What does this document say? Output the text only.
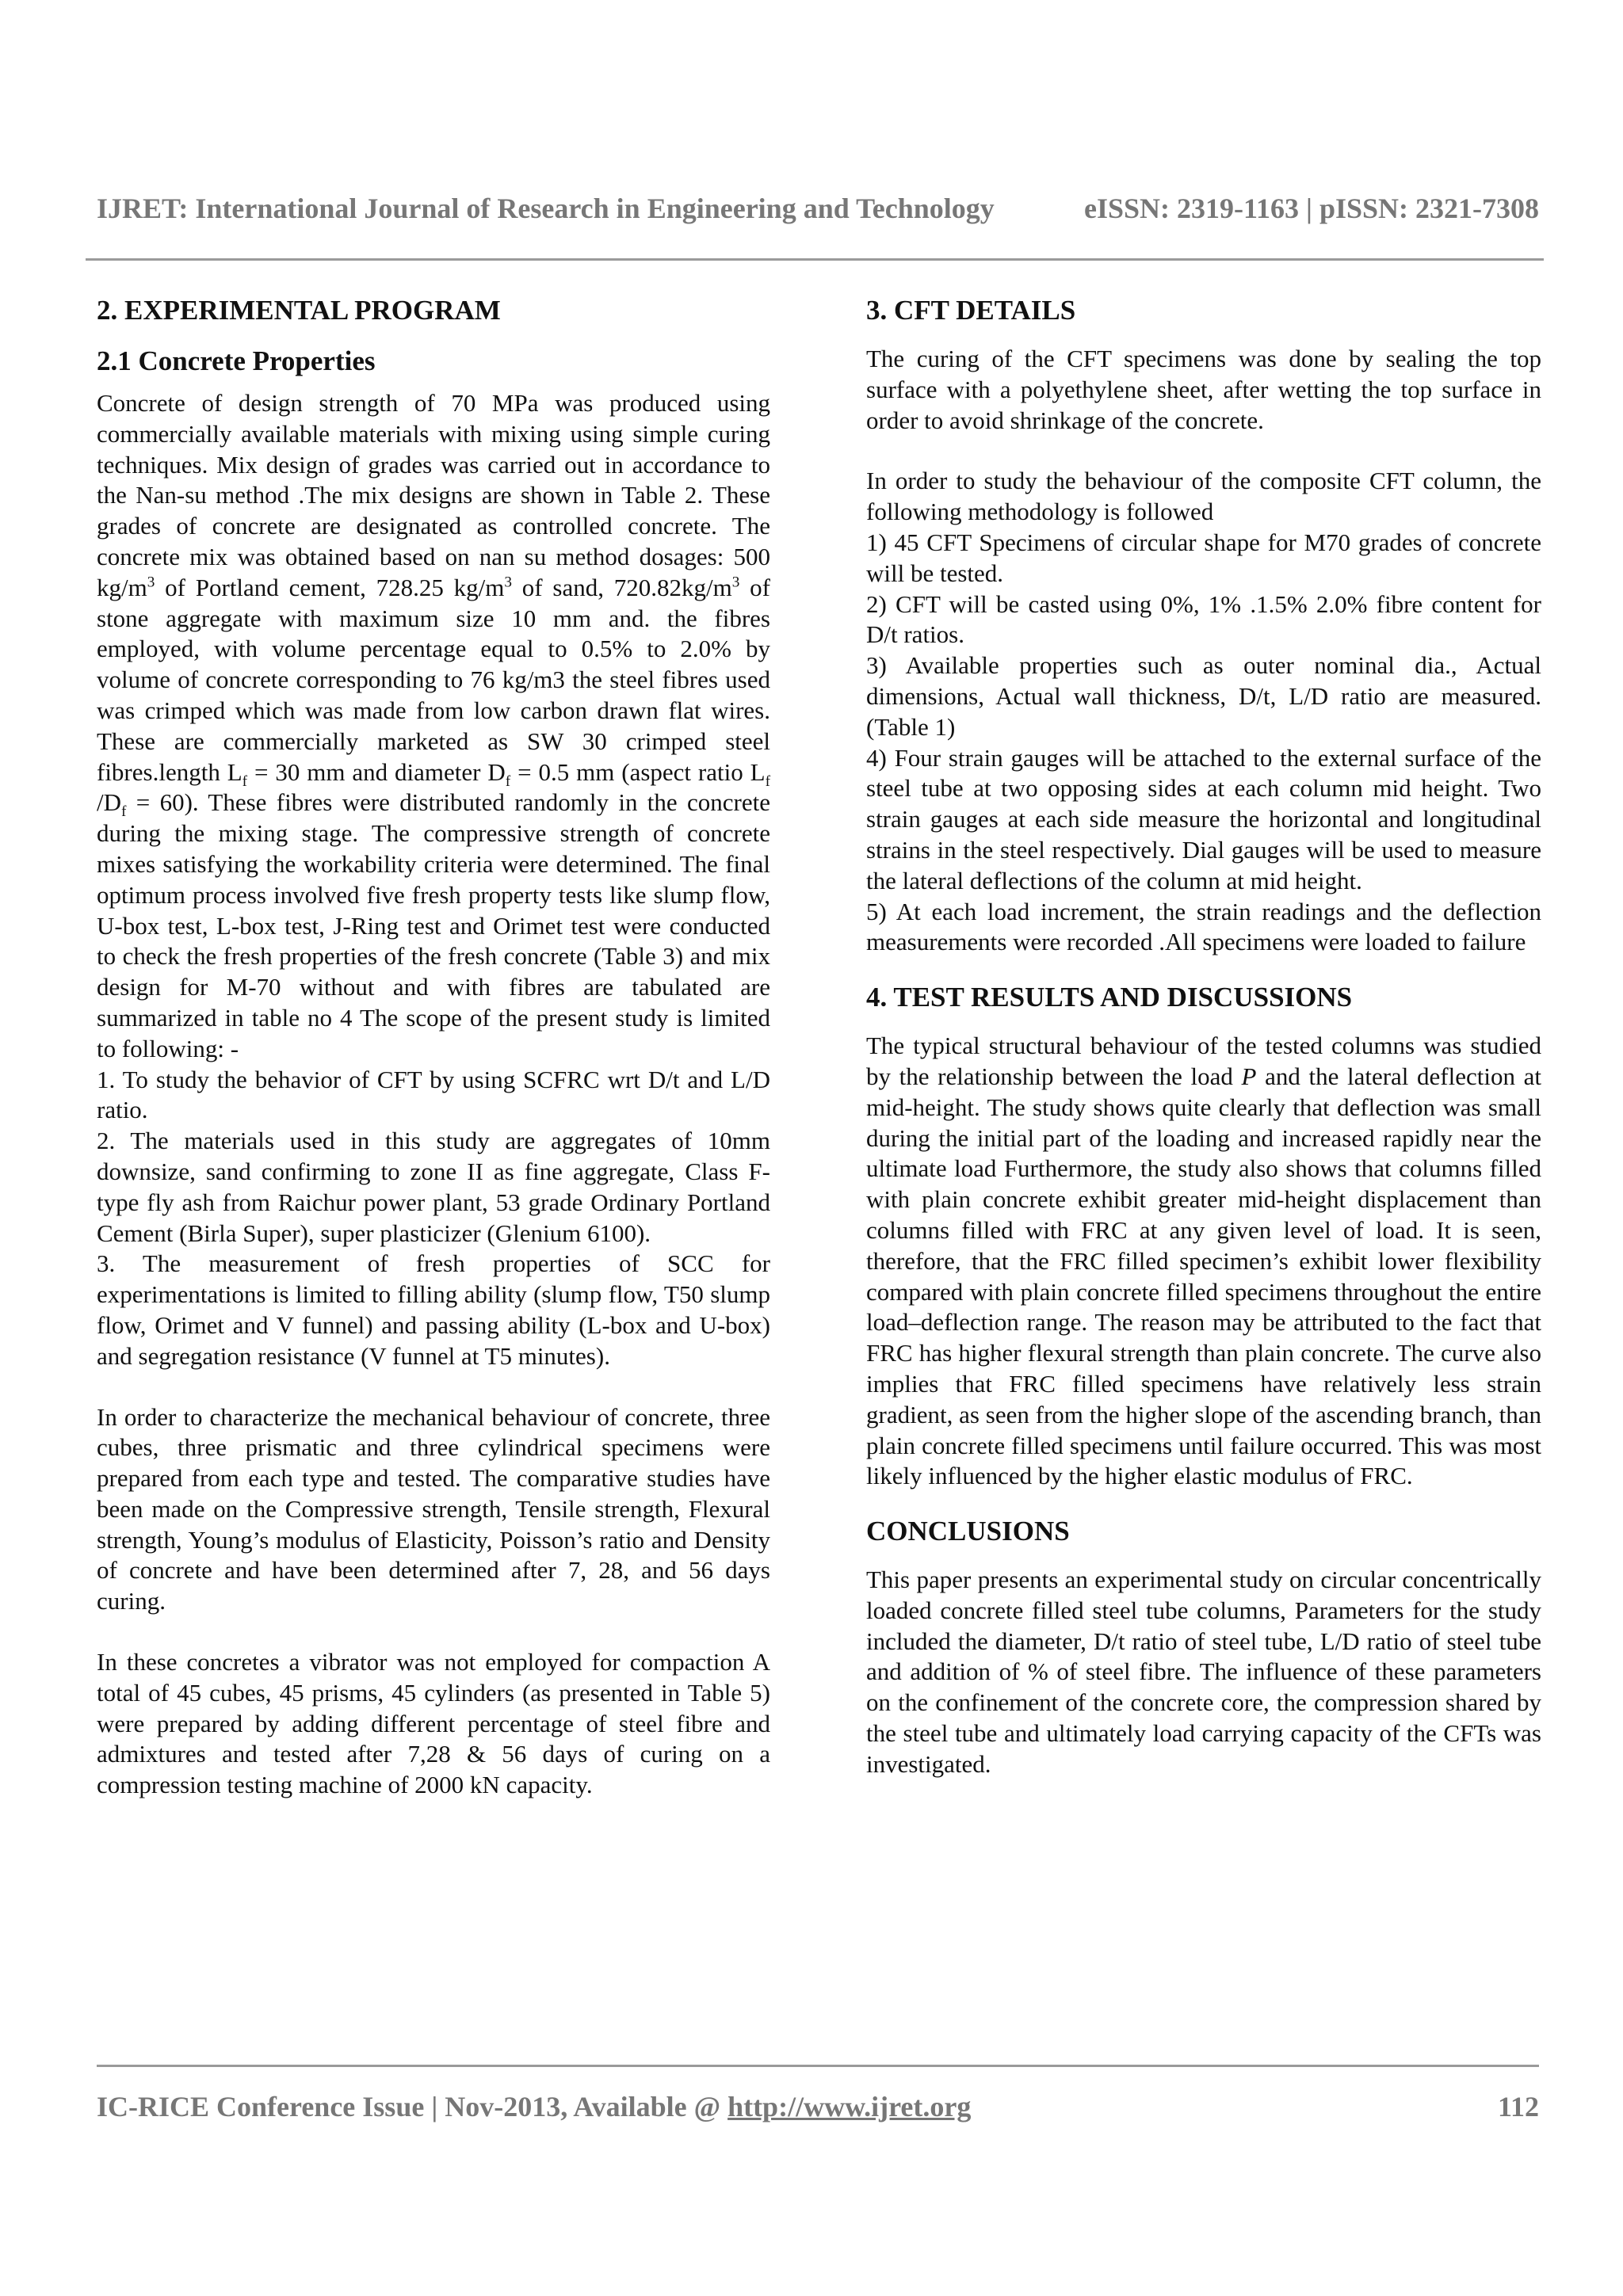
IJRET: International Journal of Research in Engineering and Technology	eISSN: 2319-1163 | pISSN: 2321-7308
2. EXPERIMENTAL PROGRAM
2.1 Concrete Properties

Concrete of design strength of 70 MPa was produced using commercially available materials with mixing using simple curing techniques. Mix design of grades was carried out in accordance to the Nan-su method .The mix designs are shown in Table 2. These grades of concrete are designated as controlled concrete. The concrete mix was obtained based on nan su method dosages: 500 $kg/m^3$ of Portland cement, 728.25 $kg/m^3$ of sand, $720.82kg/m^3$ of stone aggregate with maximum size 10 mm and. the fibres employed, with volume percentage equal to 0.5% to 2.0% by volume of concrete corresponding to 76 kg/m3 the steel fibres used was crimped which was made from low carbon drawn flat wires. These are commercially marketed as SW 30 crimped steel fibres.length $L_f = 30$ mm and diameter $D_f = 0.5$ mm (aspect ratio $L_f$ $/D_f = 60$). These fibres were distributed randomly in the concrete during the mixing stage. The compressive strength of concrete mixes satisfying the workability criteria were determined. The final optimum process involved five fresh property tests like slump flow, U-box test, L-box test, J-Ring test and Orimet test were conducted to check the fresh properties of the fresh concrete (Table 3) and mix design for M-70 without and with fibres are tabulated are summarized in table no 4 The scope of the present study is limited to following: -

1. To study the behavior of CFT by using SCFRC wrt D/t and L/D ratio.

2. The materials used in this study are aggregates of 10mm downsize, sand confirming to zone II as fine aggregate, Class F-type fly ash from Raichur power plant, 53 grade Ordinary Portland Cement (Birla Super), super plasticizer (Glenium 6100).

3. The measurement of fresh properties of SCC for experimentations is limited to filling ability (slump flow, T50 slump flow, Orimet and V funnel) and passing ability (L-box and U-box) and segregation resistance (V funnel at T5 minutes).

In order to characterize the mechanical behaviour of concrete, three cubes, three prismatic and three cylindrical specimens were prepared from each type and tested. The comparative studies have been made on the Compressive strength, Tensile strength, Flexural strength, Young’s modulus of Elasticity, Poisson’s ratio and Density of concrete and have been determined after 7, 28, and 56 days curing.

In these concretes a vibrator was not employed for compaction A total of 45 cubes, 45 prisms, 45 cylinders (as presented in Table 5) were prepared by adding different percentage of steel fibre and admixtures and tested after 7,28 & 56 days of curing on a compression testing machine of 2000 kN capacity.

3. CFT DETAILS

The curing of the CFT specimens was done by sealing the top surface with a polyethylene sheet, after wetting the top surface in order to avoid shrinkage of the concrete.

In order to study the behaviour of the composite CFT column, the following methodology is followed

1) 45 CFT Specimens of circular shape for M70 grades of concrete will be tested.

2) CFT will be casted using 0%, 1% .1.5% 2.0% fibre content for D/t ratios.

3) Available properties such as outer nominal dia., Actual dimensions, Actual wall thickness, D/t, L/D ratio are measured. (Table 1)

4) Four strain gauges will be attached to the external surface of the steel tube at two opposing sides at each column mid height. Two strain gauges at each side measure the horizontal and longitudinal strains in the steel respectively. Dial gauges will be used to measure the lateral deflections of the column at mid height.

5) At each load increment, the strain readings and the deflection measurements were recorded .All specimens were loaded to failure

4. TEST RESULTS AND DISCUSSIONS

The typical structural behaviour of the tested columns was studied by the relationship between the load P and the lateral deflection at mid-height. The study shows quite clearly that deflection was small during the initial part of the loading and increased rapidly near the ultimate load Furthermore, the study also shows that columns filled with plain concrete exhibit greater mid-height displacement than columns filled with FRC at any given level of load. It is seen, therefore, that the FRC filled specimen’s exhibit lower flexibility compared with plain concrete filled specimens throughout the entire load–deflection range. The reason may be attributed to the fact that FRC has higher flexural strength than plain concrete. The curve also implies that FRC filled specimens have relatively less strain gradient, as seen from the higher slope of the ascending branch, than plain concrete filled specimens until failure occurred. This was most likely influenced by the higher elastic modulus of FRC.

CONCLUSIONS

This paper presents an experimental study on circular concentrically loaded concrete filled steel tube columns, Parameters for the study included the diameter, D/t ratio of steel tube, L/D ratio of steel tube and addition of % of steel fibre. The influence of these parameters on the confinement of the concrete core, the compression shared by the steel tube and ultimately load carrying capacity of the CFTs was investigated.

IC-RICE Conference Issue | Nov-2013, Available @ http://www.ijret.org	112
